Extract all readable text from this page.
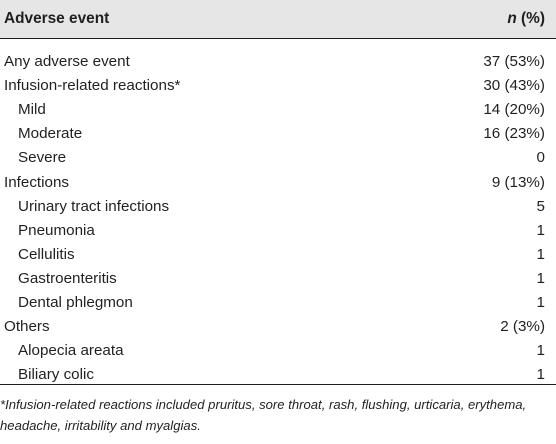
Adverse event	n (%)
Any adverse event	37 (53%)
Infusion-related reactions*	30 (43%)
Mild	14 (20%)
Moderate	16 (23%)
Severe	0
Infections	9 (13%)
Urinary tract infections	5
Pneumonia	1
Cellulitis	1
Gastroenteritis	1
Dental phlegmon	1
Others	2 (3%)
Alopecia areata	1
Biliary colic	1
*Infusion-related reactions included pruritus, sore throat, rash, flushing, urticaria, erythema, headache, irritability and myalgias.
